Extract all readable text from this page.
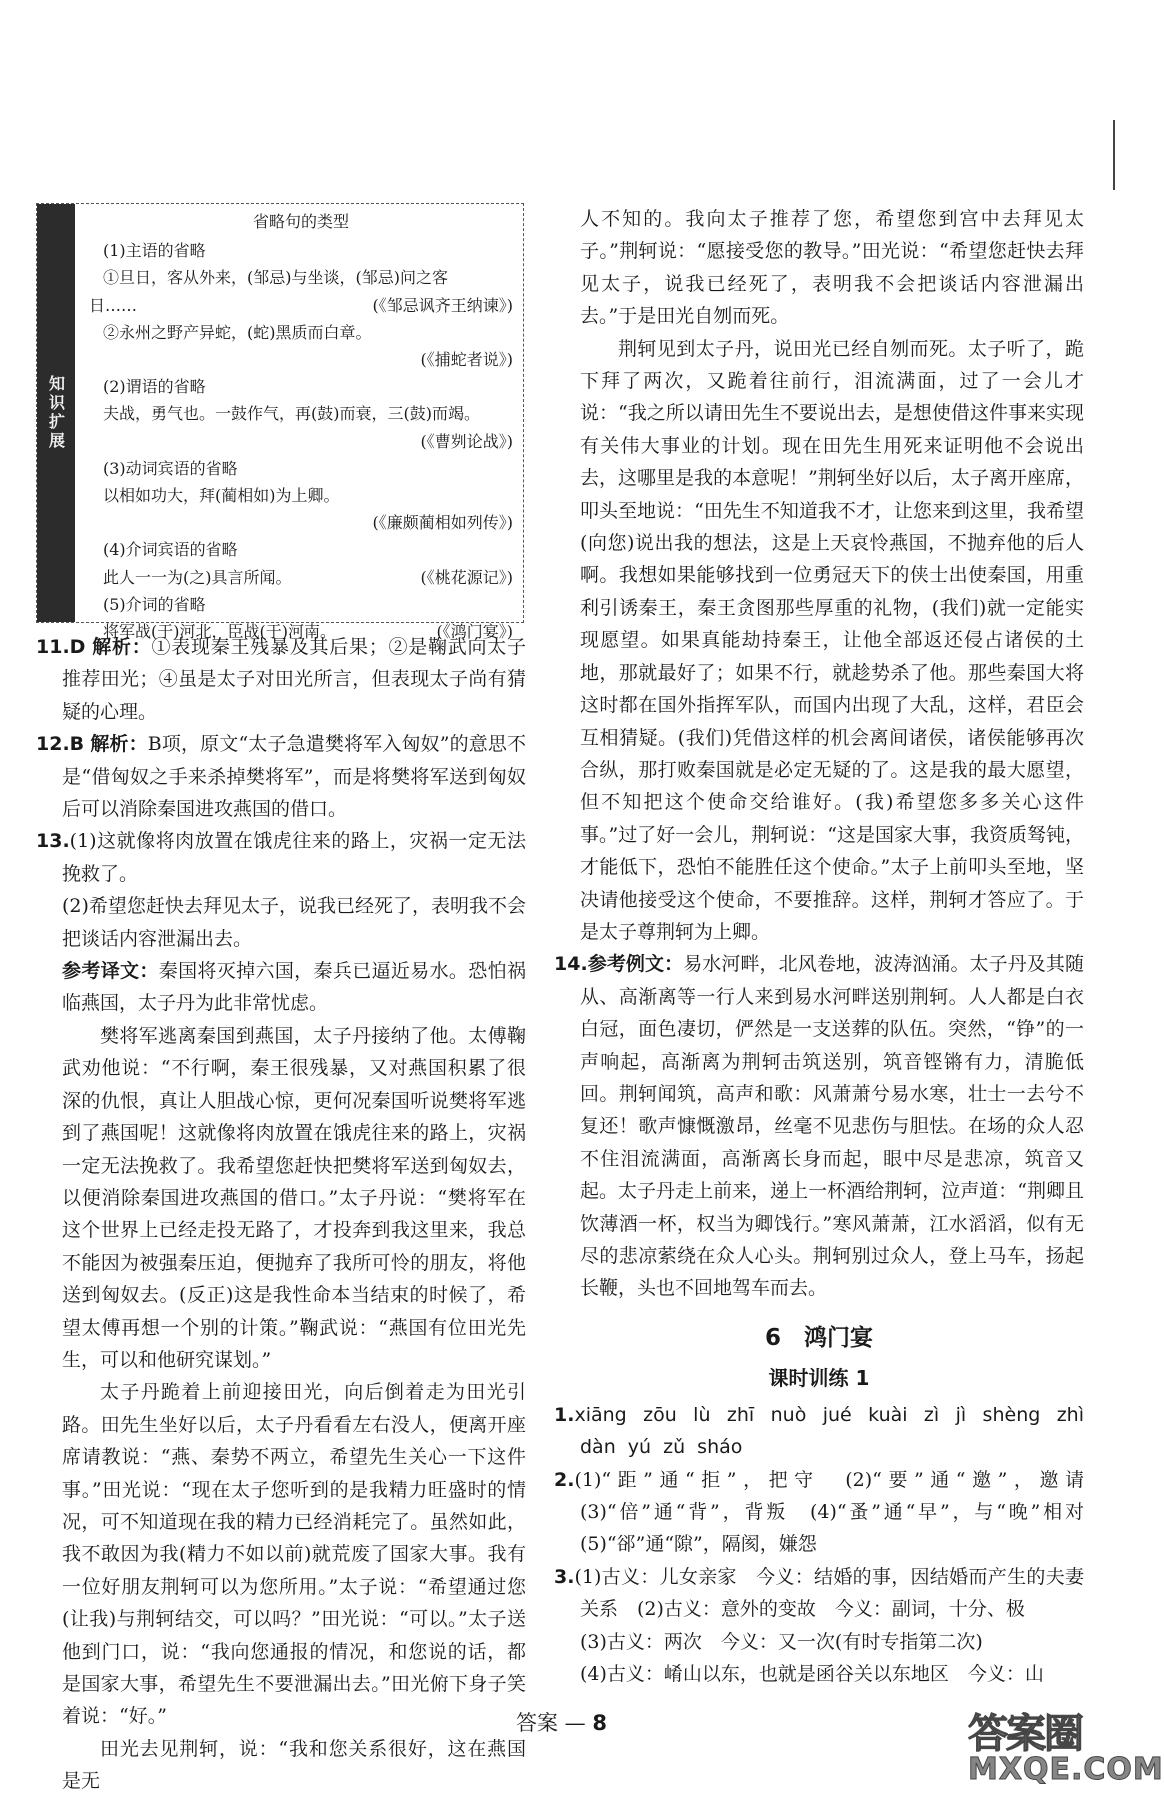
知识扩展
省略句的类型
(1)主语的省略
①旦日，客从外来，(邹忌)与坐谈，(邹忌)问之客
日……	(《邹忌讽齐王纳谏》)
②永州之野产异蛇，(蛇)黑质而白章。
(《捕蛇者说》)
(2)谓语的省略
夫战，勇气也。一鼓作气，再(鼓)而衰，三(鼓)而竭。
(《曹刿论战》)
(3)动词宾语的省略
以相如功大，拜(蔺相如)为上卿。
(《廉颇蔺相如列传》)
(4)介词宾语的省略
此人一一为(之)具言所闻。	(《桃花源记》)
(5)介词的省略
将军战(于)河北，臣战(于)河南。	(《鸿门宴》)

11.D 解析：①表现秦王残暴及其后果；②是鞠武向太子推荐田光；④虽是太子对田光所言，但表现太子尚有猜疑的心理。

12.B 解析：B项，原文“太子急遣樊将军入匈奴”的意思不是“借匈奴之手来杀掉樊将军”，而是将樊将军送到匈奴后可以消除秦国进攻燕国的借口。

13.(1)这就像将肉放置在饿虎往来的路上，灾祸一定无法挽救了。

(2)希望您赶快去拜见太子，说我已经死了，表明我不会把谈话内容泄漏出去。

参考译文：秦国将灭掉六国，秦兵已逼近易水。恐怕祸临燕国，太子丹为此非常忧虑。

樊将军逃离秦国到燕国，太子丹接纳了他。太傅鞠武劝他说：“不行啊，秦王很残暴，又对燕国积累了很深的仇恨，真让人胆战心惊，更何况秦国听说樊将军逃到了燕国呢！这就像将肉放置在饿虎往来的路上，灾祸一定无法挽救了。我希望您赶快把樊将军送到匈奴去，以便消除秦国进攻燕国的借口。”太子丹说：“樊将军在这个世界上已经走投无路了，才投奔到我这里来，我总不能因为被强秦压迫，便抛弃了我所可怜的朋友，将他送到匈奴去。(反正)这是我性命本当结束的时候了，希望太傅再想一个别的计策。”鞠武说：“燕国有位田光先生，可以和他研究谋划。”

太子丹跪着上前迎接田光，向后倒着走为田光引路。田先生坐好以后，太子丹看看左右没人，便离开座席请教说：“燕、秦势不两立，希望先生关心一下这件事。”田光说：“现在太子您听到的是我精力旺盛时的情况，可不知道现在我的精力已经消耗完了。虽然如此，我不敢因为我(精力不如以前)就荒废了国家大事。我有一位好朋友荆轲可以为您所用。”太子说：“希望通过您(让我)与荆轲结交，可以吗？”田光说：“可以。”太子送他到门口，说：“我向您通报的情况，和您说的话，都是国家大事，希望先生不要泄漏出去。”田光俯下身子笑着说：“好。”

田光去见荆轲，说：“我和您关系很好，这在燕国是无

人不知的。我向太子推荐了您，希望您到宫中去拜见太子。”荆轲说：“愿接受您的教导。”田光说：“希望您赶快去拜见太子，说我已经死了，表明我不会把谈话内容泄漏出去。”于是田光自刎而死。

荆轲见到太子丹，说田光已经自刎而死。太子听了，跪下拜了两次，又跪着往前行，泪流满面，过了一会儿才说：“我之所以请田先生不要说出去，是想使借这件事来实现有关伟大事业的计划。现在田先生用死来证明他不会说出去，这哪里是我的本意呢！”荆轲坐好以后，太子离开座席，叩头至地说：“田先生不知道我不才，让您来到这里，我希望(向您)说出我的想法，这是上天哀怜燕国，不抛弃他的后人啊。我想如果能够找到一位勇冠天下的侠士出使秦国，用重利引诱秦王，秦王贪图那些厚重的礼物，(我们)就一定能实现愿望。如果真能劫持秦王，让他全部返还侵占诸侯的土地，那就最好了；如果不行，就趁势杀了他。那些秦国大将这时都在国外指挥军队，而国内出现了大乱，这样，君臣会互相猜疑。(我们)凭借这样的机会离间诸侯，诸侯能够再次合纵，那打败秦国就是必定无疑的了。这是我的最大愿望，但不知把这个使命交给谁好。(我)希望您多多关心这件事。”过了好一会儿，荆轲说：“这是国家大事，我资质驽钝，才能低下，恐怕不能胜任这个使命。”太子上前叩头至地，坚决请他接受这个使命，不要推辞。这样，荆轲才答应了。于是太子尊荆轲为上卿。

14.参考例文：易水河畔，北风卷地，波涛汹涌。太子丹及其随从、高渐离等一行人来到易水河畔送别荆轲。人人都是白衣白冠，面色凄切，俨然是一支送葬的队伍。突然，“铮”的一声响起，高渐离为荆轲击筑送别，筑音铿锵有力，清脆低回。荆轲闻筑，高声和歌：风萧萧兮易水寒，壮士一去兮不复还！歌声慷慨激昂，丝毫不见悲伤与胆怯。在场的众人忍不住泪流满面，高渐离长身而起，眼中尽是悲凉，筑音又起。太子丹走上前来，递上一杯酒给荆轲，泣声道：“荆卿且饮薄酒一杯，权当为卿饯行。”寒风萧萧，江水滔滔，似有无尽的悲凉萦绕在众人心头。荆轲别过众人，登上马车，扬起长鞭，头也不回地驾车而去。

6　鸿门宴
课时训练 1

1.xiāng zōu lù zhī nuò jué kuài zì jì shèng zhì dàn yú zǔ sháo

2.(1)“距”通“拒”，把守　(2)“要”通“邀”，邀请　(3)“倍”通“背”，背叛　(4)“蚤”通“早”，与“晚”相对　(5)“郤”通“隙”，隔阂，嫌怨

3.(1)古义：儿女亲家　今义：结婚的事，因结婚而产生的夫妻关系　(2)古义：意外的变故　今义：副词，十分、极

(3)古义：两次　今义：又一次(有时专指第二次)

(4)古义：崤山以东，也就是函谷关以东地区　今义：山

答案 — 8	答案圈
MXQE.COM
